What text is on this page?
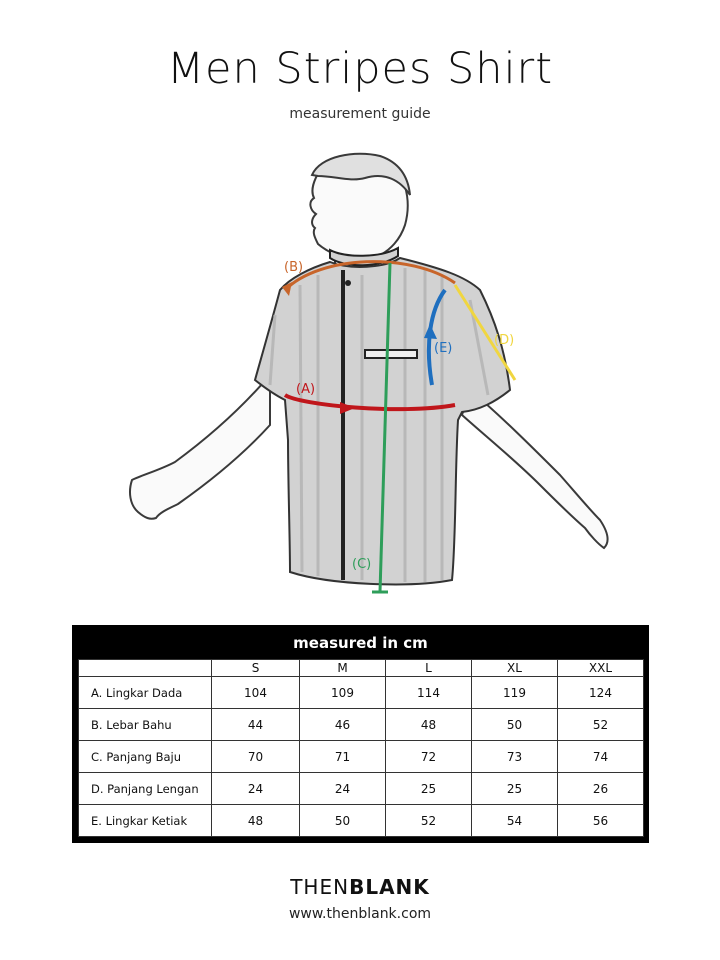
Men Stripes Shirt
measurement guide
(A)
(B)
(C)
(D)
(E)
measured in cm
	S	M	L	XL	XXL
A. Lingkar Dada	104	109	114	119	124
B. Lebar Bahu	44	46	48	50	52
C. Panjang Baju	70	71	72	73	74
D. Panjang Lengan	24	24	25	25	26
E. Lingkar Ketiak	48	50	52	54	56
THENBLANK
www.thenblank.com
